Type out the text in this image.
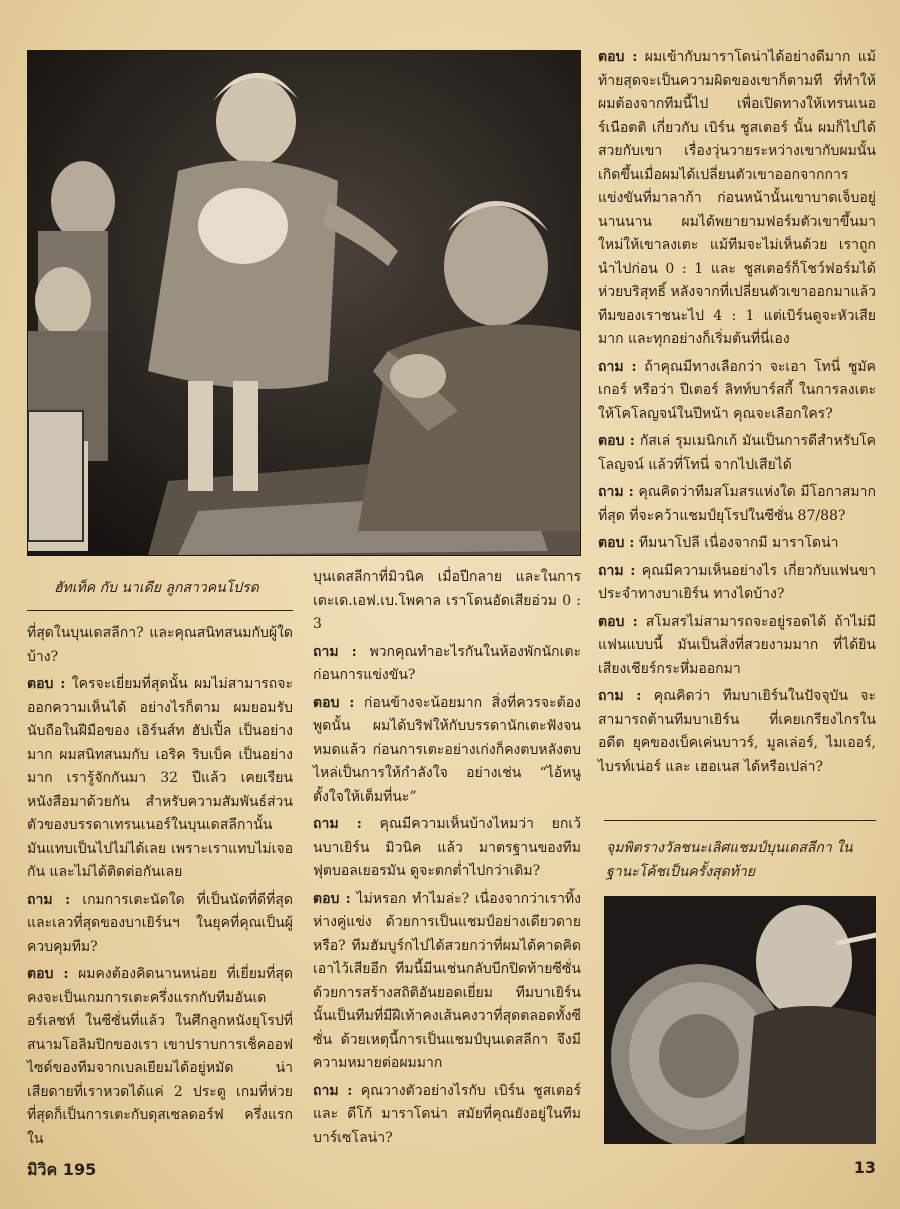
ฮัทเท็ค กับ นาเดีย ลูกสาวคนโปรด

ที่สุดในบุนเดสลีกา? และคุณสนิทสนมกับผู้ใดบ้าง?

ตอบ : ใครจะเยี่ยมที่สุดนั้น ผมไม่สามารถจะออกความเห็นได้ อย่างไรก็ตาม ผมยอมรับนับถือในฝีมือของ เอิร์นส์ท ฮัปเปิ้ล เป็นอย่างมาก ผมสนิทสนมกับ เอริค ริบเบ็ค เป็นอย่างมาก เรารู้จักกันมา 32 ปีแล้ว เคยเรียนหนังสือมาด้วยกัน สำหรับความสัมพันธ์ส่วนตัวของบรรดาเทรนเนอร์ในบุนเดสลีกานั้น มันแทบเป็นไปไม่ได้เลย เพราะเราแทบไม่เจอกัน และไม่ได้ติดต่อกันเลย

ถาม : เกมการเตะนัดใด ที่เป็นนัดที่ดีที่สุด และเลวที่สุดของบาเยิร์นฯ ในยุคที่คุณเป็นผู้ควบคุมทีม?

ตอบ : ผมคงต้องคิดนานหน่อย ที่เยี่ยมที่สุด คงจะเป็นเกมการเตะครึ่งแรกกับทีมอันเดอร์เลชท์ ในซีซั่นที่แล้ว ในศึกลูกหนังยุโรปที่สนามโอลิมปิกของเรา เขาปราบการเช็คออฟไซด์ของทีมจากเบลเยียมได้อยู่หมัด น่าเสียดายที่เราหวดได้แค่ 2 ประตู เกมที่ห่วยที่สุดก็เป็นการเตะกับดุสเซลดอร์ฟ ครึ่งแรกใน

บุนเดสลีกาที่มิวนิค เมื่อปีกลาย และในการเตะเด.เอฟ.เบ.โพคาล เราโดนอัดเสียอ่วม 0 : 3

ถาม : พวกคุณทำอะไรกันในห้องพักนักเตะก่อนการแข่งขัน?

ตอบ : ก่อนข้างจะน้อยมาก สิ่งที่ควรจะต้องพูดนั้น ผมได้บริฟให้กับบรรดานักเตะฟังจนหมดแล้ว ก่อนการเตะอย่างเก่งก็คงตบหลังตบไหล่เป็นการให้กำลังใจ อย่างเช่น “ไอ้หนูตั้งใจให้เต็มที่นะ”

ถาม : คุณมีความเห็นบ้างไหมว่า ยกเว้นบาเยิร์น มิวนิค แล้ว มาตรฐานของทีมฟุตบอลเยอรมัน ดูจะตกต่ำไปกว่าเดิม?

ตอบ : ไม่หรอก ทำไมล่ะ? เนื่องจากว่าเราทิ้งห่างคู่แข่ง ด้วยการเป็นแชมป์อย่างเดียวดายหรือ? ทีมฮัมบูร์กไปได้สวยกว่าที่ผมได้คาดคิดเอาไว้เสียอีก ทีมนี้มีนเช่นกลับบีกปิดท้ายซีซั่นด้วยการสร้างสถิติอันยอดเยี่ยม ทีมบาเยิร์นนั้นเป็นทีมที่มีฝีเท้าคงเส้นคงวาที่สุดตลอดทั้งซีซั่น ด้วยเหตุนี้การเป็นแชมป์บุนเดสลีกา จึงมีความหมายต่อผมมาก

ถาม : คุณวางตัวอย่างไรกับ เบิร์น ชูสเตอร์ และ ดีโก้ มาราโดน่า สมัยที่คุณยังอยู่ในทีมบาร์เซโลน่า?

ตอบ : ผมเข้ากับมาราโดน่าได้อย่างดีมาก แม้ท้ายสุดจะเป็นความผิดของเขาก็ตามที ที่ทำให้ผมต้องจากทีมนี้ไป เพื่อเปิดทางให้เทรนเนอร์เนือตติ เกี่ยวกับ เบิร์น ชูสเตอร์ นั้น ผมก็ไปได้สวยกับเขา เรื่องวุ่นวายระหว่างเขากับผมนั้น เกิดขึ้นเมื่อผมได้เปลี่ยนตัวเขาออกจากการแข่งขันที่มาลาก้า ก่อนหน้านั้นเขาบาดเจ็บอยู่นานนาน ผมได้พยายามฟอร์มตัวเขาขึ้นมาใหม่ให้เขาลงเตะ แม้ทีมจะไม่เห็นด้วย เราถูกนำไปก่อน 0 : 1 และ ชูสเตอร์ก็โชว์ฟอร์มได้ห่วยบริสุทธิ์ หลังจากที่เปลี่ยนตัวเขาออกมาแล้ว ทีมของเราชนะไป 4 : 1 แต่เบิร์นดูจะหัวเสียมาก และทุกอย่างก็เริ่มต้นที่นี่เอง

ถาม : ถ้าคุณมีทางเลือกว่า จะเอา โทนี่ ชูมัคเกอร์ หรือว่า ปีเตอร์ ลิทท์บาร์สกี้ ในการลงเตะให้โคโลญจน์ในปีหน้า คุณจะเลือกใคร?

ตอบ : กัสเล่ รุมเมนิกเก้ มันเป็นการดีสำหรับโคโลญจน์ แล้วที่โทนี่ จากไปเสียได้

ถาม : คุณคิดว่าทีมสโมสรแห่งใด มีโอกาสมากที่สุด ที่จะคว้าแชมป์ยุโรปในซีซั่น 87/88?

ตอบ : ทีมนาโปลี เนื่องจากมี มาราโดน่า

ถาม : คุณมีความเห็นอย่างไร เกี่ยวกับแฟนขาประจำทางบาเยิร์น ทางไดบ้าง?

ตอบ : สโมสรไม่สามารถจะอยู่รอดได้ ถ้าไม่มีแฟนแบบนี้ มันเป็นสิ่งที่สวยงามมาก ที่ได้ยินเสียงเชียร์กระหึ่มออกมา

ถาม : คุณคิดว่า ทีมบาเยิร์นในปัจจุบัน จะสามารถต้านทีมบาเยิร์น ที่เคยเกรียงไกรในอดีต ยุคของเบ็คเค่นบาวร์, มูลเล่อร์, ไมเออร์, ไบรท์เน่อร์ และ เฮอเนส ได้หรือเปล่า?

จุมพิตรางวัลชนะเลิศแชมป์บุนเดสลีกา ในฐานะโค้ชเป็นครั้งสุดท้าย
มิวิค 195	13
